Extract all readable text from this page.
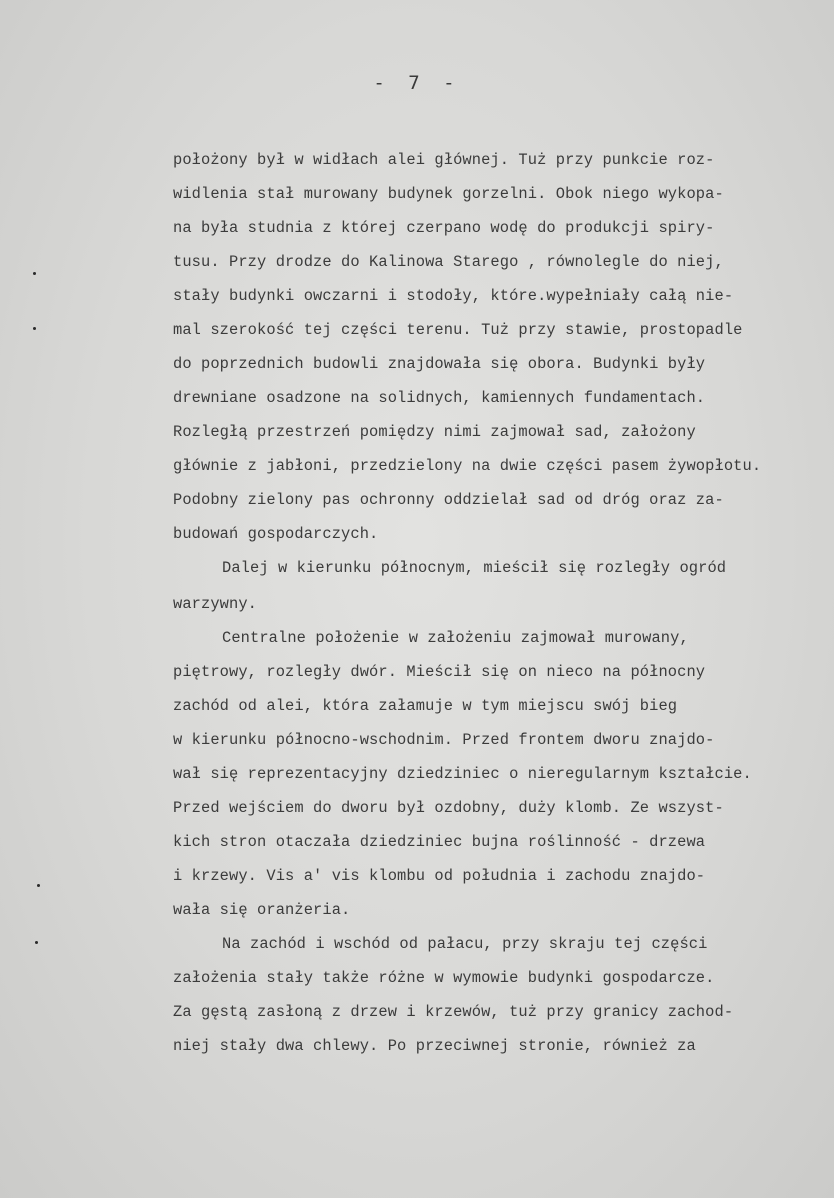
- 7 -
położony był w widłach alei głównej. Tuż przy punkcie roz-
widlenia stał murowany budynek gorzelni. Obok niego wykopa-
na była studnia z której czerpano wodę do produkcji spiry-
tusu. Przy drodze do Kalinowa Starego , równolegle do niej,
stały budynki owczarni i stodoły, które.wypełniały całą nie-
mal szerokość tej części terenu. Tuż przy stawie, prostopadle
do poprzednich budowli znajdowała się obora. Budynki były
drewniane osadzone na solidnych, kamiennych fundamentach.
Rozległą przestrzeń pomiędzy nimi zajmował sad, założony
głównie z jabłoni, przedzielony na dwie części pasem żywopłotu.
Podobny zielony pas ochronny oddzielał sad od dróg oraz za-
budowań gospodarczych.
Dalej w kierunku północnym, mieścił się rozległy ogród
warzywny.
Centralne położenie w założeniu zajmował murowany,
piętrowy, rozległy dwór. Mieścił się on nieco na północny
zachód od alei, która załamuje w tym miejscu swój bieg
w kierunku północno-wschodnim. Przed frontem dworu znajdo-
wał się reprezentacyjny dziedziniec o nieregularnym kształcie.
Przed wejściem do dworu był ozdobny, duży klomb. Ze wszyst-
kich stron otaczała dziedziniec bujna roślinność - drzewa
i krzewy. Vis a' vis klombu od południa i zachodu znajdo-
wała się oranżeria.
Na zachód i wschód od pałacu, przy skraju tej części
założenia stały także różne w wymowie budynki gospodarcze.
Za gęstą zasłoną z drzew i krzewów, tuż przy granicy zachod-
niej stały dwa chlewy. Po przeciwnej stronie, również za
